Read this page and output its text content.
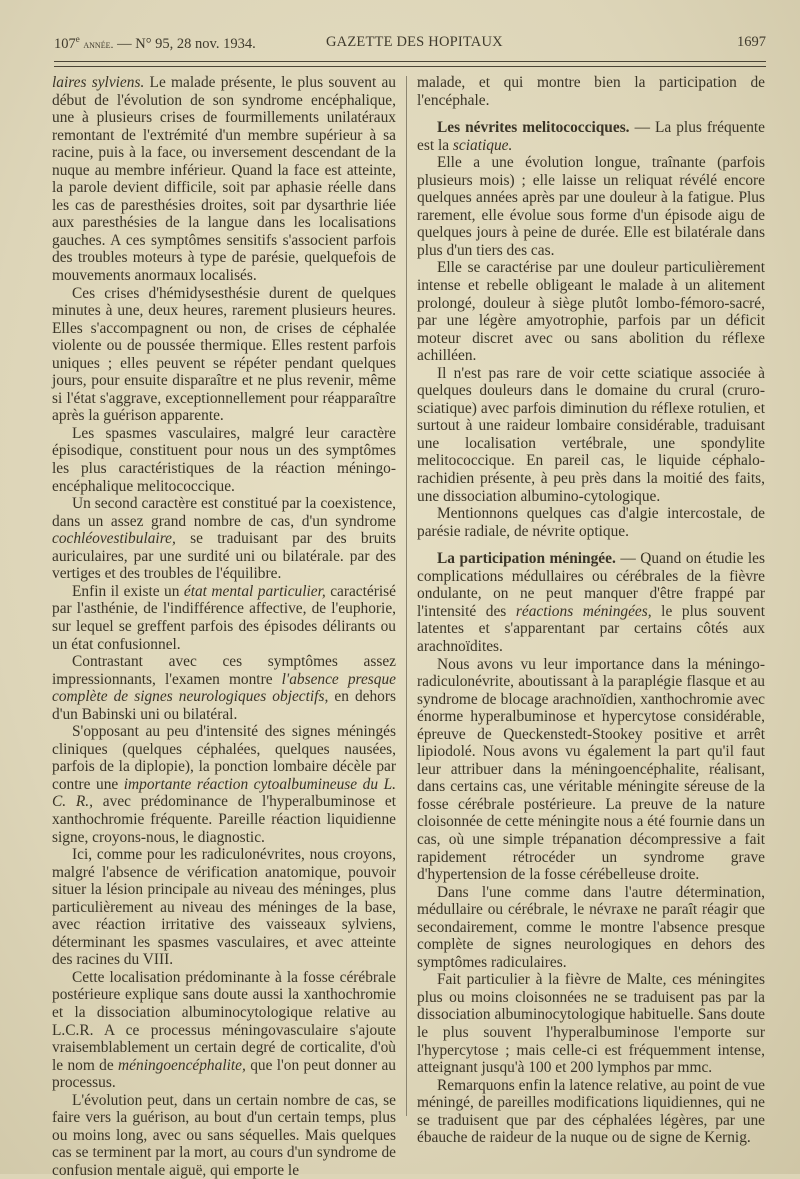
107e année. — N° 95, 28 nov. 1934.	GAZETTE DES HOPITAUX	1697

laires sylviens. Le malade présente, le plus souvent au début de l'évolution de son syndrome encéphalique, une à plusieurs crises de fourmillements unilatéraux remontant de l'extrémité d'un membre supérieur à sa racine, puis à la face, ou inversement descendant de la nuque au membre inférieur. Quand la face est atteinte, la parole devient difficile, soit par aphasie réelle dans les cas de paresthésies droites, soit par dysarthrie liée aux paresthésies de la langue dans les localisations gauches. A ces symptômes sensitifs s'associent parfois des troubles moteurs à type de parésie, quelquefois de mouvements anormaux localisés.

Ces crises d'hémidysesthésie durent de quelques minutes à une, deux heures, rarement plusieurs heures. Elles s'accompagnent ou non, de crises de céphalée violente ou de poussée thermique. Elles restent parfois uniques ; elles peuvent se répéter pendant quelques jours, pour ensuite disparaître et ne plus revenir, même si l'état s'aggrave, exceptionnellement pour réapparaître après la guérison apparente.

Les spasmes vasculaires, malgré leur caractère épisodique, constituent pour nous un des symptômes les plus caractéristiques de la réaction méningo-encéphalique melitococcique.

Un second caractère est constitué par la coexistence, dans un assez grand nombre de cas, d'un syndrome cochléovestibulaire, se traduisant par des bruits auriculaires, par une surdité uni ou bilatérale. par des vertiges et des troubles de l'équilibre.

Enfin il existe un état mental particulier, caractérisé par l'asthénie, de l'indifférence affective, de l'euphorie, sur lequel se greffent parfois des épisodes délirants ou un état confusionnel.

Contrastant avec ces symptômes assez impressionnants, l'examen montre l'absence presque complète de signes neurologiques objectifs, en dehors d'un Babinski uni ou bilatéral.

S'opposant au peu d'intensité des signes méningés cliniques (quelques céphalées, quelques nausées, parfois de la diplopie), la ponction lombaire décèle par contre une importante réaction cytoalbumineuse du L. C. R., avec prédominance de l'hyperalbuminose et xanthochromie fréquente. Pareille réaction liquidienne signe, croyons-nous, le diagnostic.

Ici, comme pour les radiculonévrites, nous croyons, malgré l'absence de vérification anatomique, pouvoir situer la lésion principale au niveau des méninges, plus particulièrement au niveau des méninges de la base, avec réaction irritative des vaisseaux sylviens, déterminant les spasmes vasculaires, et avec atteinte des racines du VIII.

Cette localisation prédominante à la fosse cérébrale postérieure explique sans doute aussi la xanthochromie et la dissociation albuminocytologique relative au L.C.R. A ce processus méningovasculaire s'ajoute vraisemblablement un certain degré de corticalite, d'où le nom de méningoencéphalite, que l'on peut donner au processus.

L'évolution peut, dans un certain nombre de cas, se faire vers la guérison, au bout d'un certain temps, plus ou moins long, avec ou sans séquelles. Mais quelques cas se terminent par la mort, au cours d'un syndrome de confusion mentale aiguë, qui emporte le

malade, et qui montre bien la participation de l'encéphale.

Les névrites melitococciques. — La plus fréquente est la sciatique.

Elle a une évolution longue, traînante (parfois plusieurs mois) ; elle laisse un reliquat révélé encore quelques années après par une douleur à la fatigue. Plus rarement, elle évolue sous forme d'un épisode aigu de quelques jours à peine de durée. Elle est bilatérale dans plus d'un tiers des cas.

Elle se caractérise par une douleur particulièrement intense et rebelle obligeant le malade à un alitement prolongé, douleur à siège plutôt lombo-fémoro-sacré, par une légère amyotrophie, parfois par un déficit moteur discret avec ou sans abolition du réflexe achilléen.

Il n'est pas rare de voir cette sciatique associée à quelques douleurs dans le domaine du crural (cruro-sciatique) avec parfois diminution du réflexe rotulien, et surtout à une raideur lombaire considérable, traduisant une localisation vertébrale, une spondylite melitococcique. En pareil cas, le liquide céphalo-rachidien présente, à peu près dans la moitié des faits, une dissociation albumino-cytologique.

Mentionnons quelques cas d'algie intercostale, de parésie radiale, de névrite optique.

La participation méningée. — Quand on étudie les complications médullaires ou cérébrales de la fièvre ondulante, on ne peut manquer d'être frappé par l'intensité des réactions méningées, le plus souvent latentes et s'apparentant par certains côtés aux arachnoïdites.

Nous avons vu leur importance dans la méningo-radiculonévrite, aboutissant à la paraplégie flasque et au syndrome de blocage arachnoïdien, xanthochromie avec énorme hyperalbuminose et hypercytose considérable, épreuve de Queckenstedt-Stookey positive et arrêt lipiodolé. Nous avons vu également la part qu'il faut leur attribuer dans la méningoencéphalite, réalisant, dans certains cas, une véritable méningite séreuse de la fosse cérébrale postérieure. La preuve de la nature cloisonnée de cette méningite nous a été fournie dans un cas, où une simple trépanation décompressive a fait rapidement rétrocéder un syndrome grave d'hypertension de la fosse cérébelleuse droite.

Dans l'une comme dans l'autre détermination, médullaire ou cérébrale, le névraxe ne paraît réagir que secondairement, comme le montre l'absence presque complète de signes neurologiques en dehors des symptômes radiculaires.

Fait particulier à la fièvre de Malte, ces méningites plus ou moins cloisonnées ne se traduisent pas par la dissociation albuminocytologique habituelle. Sans doute le plus souvent l'hyperalbuminose l'emporte sur l'hypercytose ; mais celle-ci est fréquemment intense, atteignant jusqu'à 100 et 200 lymphos par mmc.

Remarquons enfin la latence relative, au point de vue méningé, de pareilles modifications liquidiennes, qui ne se traduisent que par des céphalées légères, par une ébauche de raideur de la nuque ou de signe de Kernig.
